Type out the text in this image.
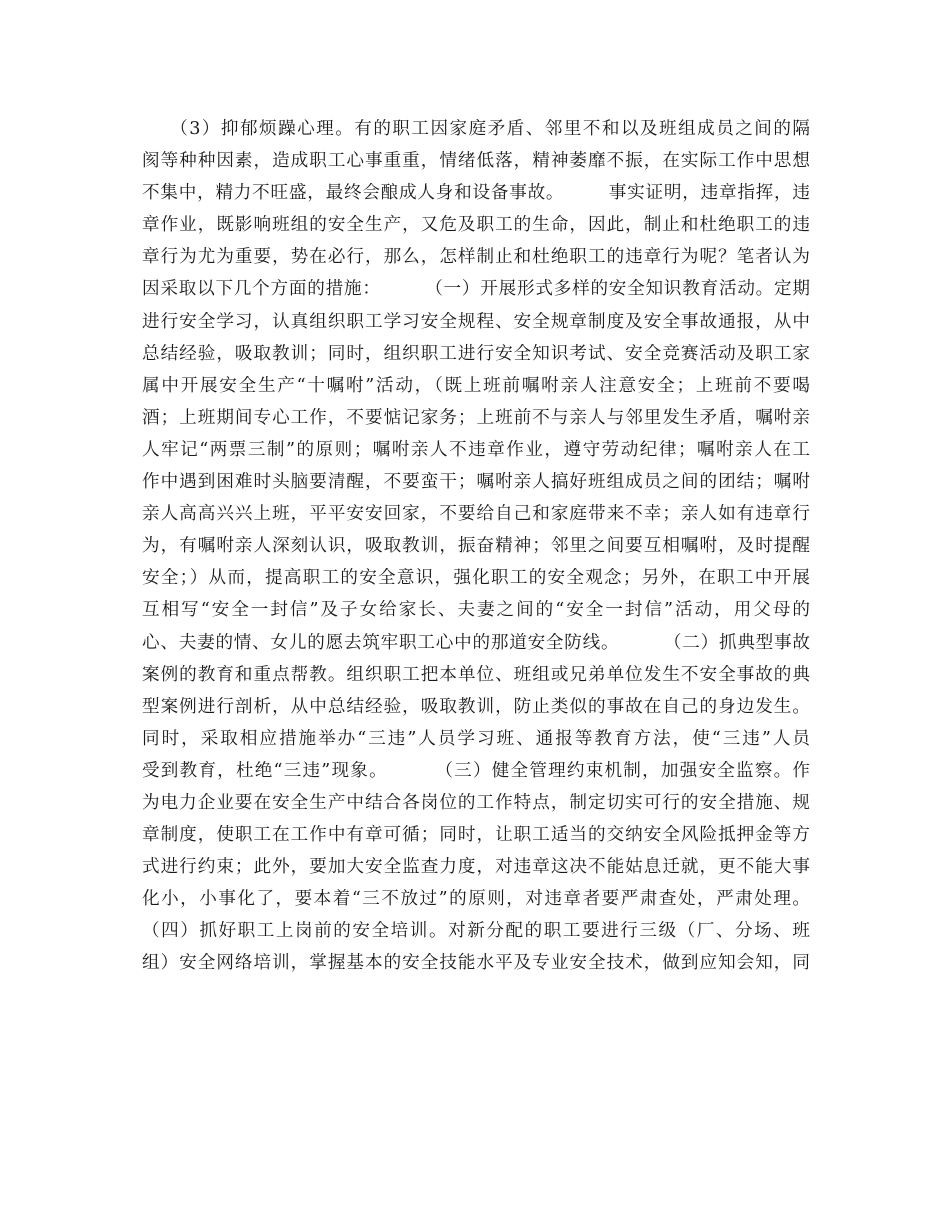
（3）抑郁烦躁心理。有的职工因家庭矛盾、邻里不和以及班组成员之间的隔
阂等种种因素，造成职工心事重重，情绪低落，精神萎靡不振，在实际工作中思想
不集中，精力不旺盛，最终会酿成人身和设备事故。       事实证明，违章指挥，违
章作业，既影响班组的安全生产，又危及职工的生命，因此，制止和杜绝职工的违
章行为尤为重要，势在必行，那么，怎样制止和杜绝职工的违章行为呢？笔者认为
因采取以下几个方面的措施：       （一）开展形式多样的安全知识教育活动。定期
进行安全学习，认真组织职工学习安全规程、安全规章制度及安全事故通报，从中
总结经验，吸取教训；同时，组织职工进行安全知识考试、安全竞赛活动及职工家
属中开展安全生产“十嘱咐”活动，（既上班前嘱咐亲人注意安全；上班前不要喝
酒；上班期间专心工作，不要惦记家务；上班前不与亲人与邻里发生矛盾，嘱咐亲
人牢记“两票三制”的原则；嘱咐亲人不违章作业，遵守劳动纪律；嘱咐亲人在工
作中遇到困难时头脑要清醒，不要蛮干；嘱咐亲人搞好班组成员之间的团结；嘱咐
亲人高高兴兴上班，平平安安回家，不要给自己和家庭带来不幸；亲人如有违章行
为，有嘱咐亲人深刻认识，吸取教训，振奋精神；邻里之间要互相嘱咐，及时提醒
安全；）从而，提高职工的安全意识，强化职工的安全观念；另外，在职工中开展
互相写“安全一封信”及子女给家长、夫妻之间的“安全一封信”活动，用父母的
心、夫妻的情、女儿的愿去筑牢职工心中的那道安全防线。       （二）抓典型事故
案例的教育和重点帮教。组织职工把本单位、班组或兄弟单位发生不安全事故的典
型案例进行剖析，从中总结经验，吸取教训，防止类似的事故在自己的身边发生。
同时，采取相应措施举办“三违”人员学习班、通报等教育方法，使“三违”人员
受到教育，杜绝“三违”现象。       （三）健全管理约束机制，加强安全监察。作
为电力企业要在安全生产中结合各岗位的工作特点，制定切实可行的安全措施、规
章制度，使职工在工作中有章可循；同时，让职工适当的交纳安全风险抵押金等方
式进行约束；此外，要加大安全监查力度，对违章这决不能姑息迁就，更不能大事
化小，小事化了，要本着“三不放过”的原则，对违章者要严肃查处，严肃处理。
（四）抓好职工上岗前的安全培训。对新分配的职工要进行三级（厂、分场、班
组）安全网络培训，掌握基本的安全技能水平及专业安全技术，做到应知会知，同
